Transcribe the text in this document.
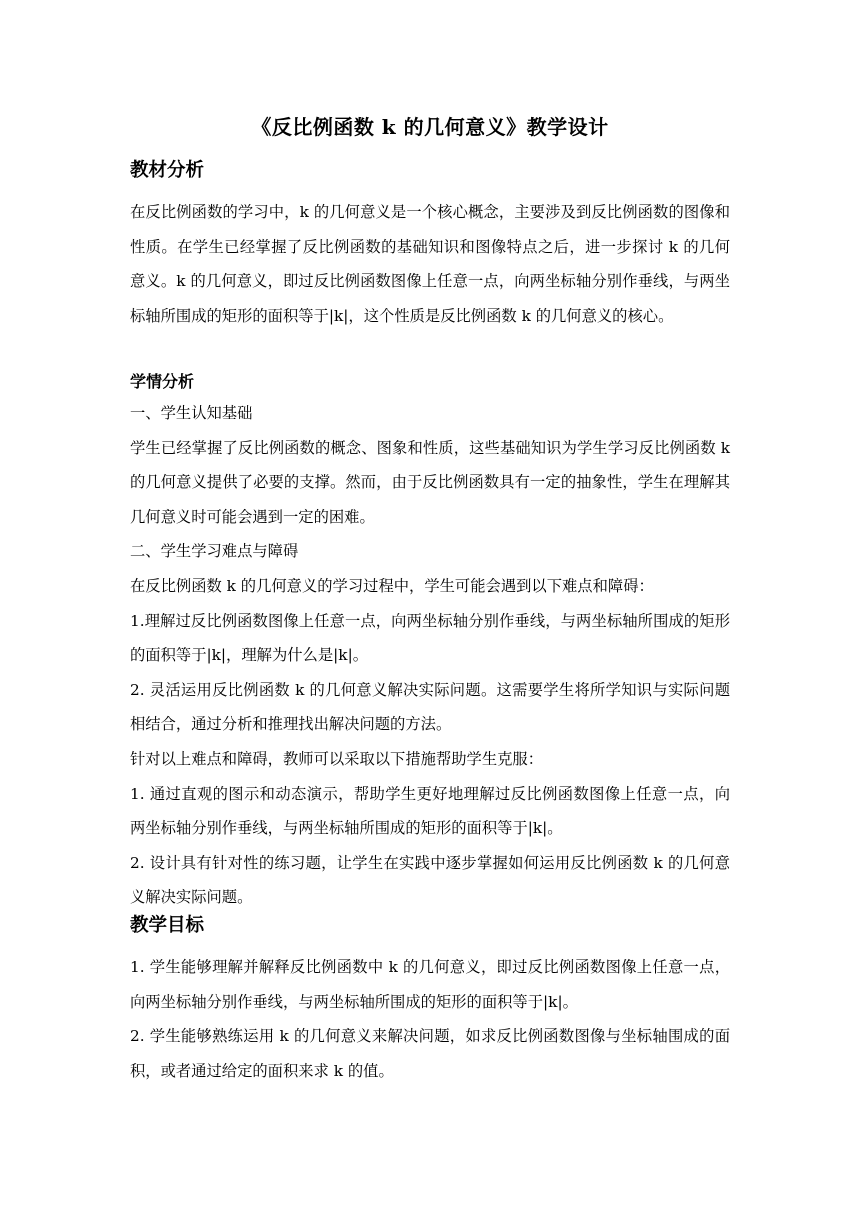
《反比例函数 k 的几何意义》教学设计
教材分析

在反比例函数的学习中，k 的几何意义是一个核心概念，主要涉及到反比例函数的图像和性质。在学生已经掌握了反比例函数的基础知识和图像特点之后，进一步探讨 k 的几何意义。k 的几何意义，即过反比例函数图像上任意一点，向两坐标轴分别作垂线，与两坐标轴所围成的矩形的面积等于|k|，这个性质是反比例函数 k 的几何意义的核心。

学情分析

一、学生认知基础

学生已经掌握了反比例函数的概念、图象和性质，这些基础知识为学生学习反比例函数 k 的几何意义提供了必要的支撑。然而，由于反比例函数具有一定的抽象性，学生在理解其几何意义时可能会遇到一定的困难。

二、学生学习难点与障碍

在反比例函数 k 的几何意义的学习过程中，学生可能会遇到以下难点和障碍：

1.理解过反比例函数图像上任意一点，向两坐标轴分别作垂线，与两坐标轴所围成的矩形的面积等于|k|，理解为什么是|k|。

2. 灵活运用反比例函数 k 的几何意义解决实际问题。这需要学生将所学知识与实际问题相结合，通过分析和推理找出解决问题的方法。

针对以上难点和障碍，教师可以采取以下措施帮助学生克服：

1. 通过直观的图示和动态演示，帮助学生更好地理解过反比例函数图像上任意一点，向两坐标轴分别作垂线，与两坐标轴所围成的矩形的面积等于|k|。

2. 设计具有针对性的练习题，让学生在实践中逐步掌握如何运用反比例函数 k 的几何意义解决实际问题。

教学目标

1. 学生能够理解并解释反比例函数中 k 的几何意义，即过反比例函数图像上任意一点，向两坐标轴分别作垂线，与两坐标轴所围成的矩形的面积等于|k|。

2. 学生能够熟练运用 k 的几何意义来解决问题，如求反比例函数图像与坐标轴围成的面积，或者通过给定的面积来求 k 的值。
